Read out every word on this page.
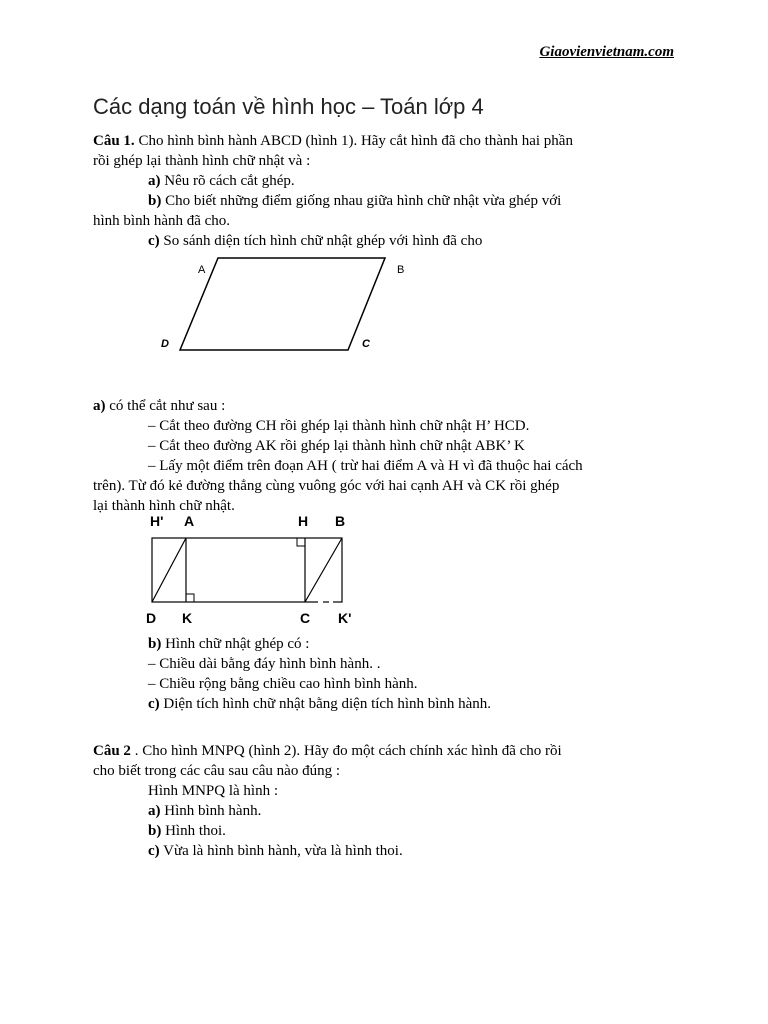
Giaovienvietnam.com
Các dạng toán về hình học – Toán lớp 4
Câu 1. Cho hình bình hành ABCD (hình 1). Hãy cắt hình đã cho thành hai phần
rồi ghép lại thành hình chữ nhật và :
a) Nêu rõ cách cắt ghép.
b) Cho biết những điểm giống nhau giữa hình chữ nhật vừa ghép với
hình bình hành đã cho.
c) So sánh diện tích hình chữ nhật ghép với hình đã cho
A	B
D	C
a) có thể cắt như sau :
– Cắt theo đường CH rồi ghép lại thành hình chữ nhật H’ HCD.
– Cắt theo đường AK rồi ghép lại thành hình chữ nhật ABK’ K
– Lấy một điểm trên đoạn AH ( trừ hai điểm A và H vì đã thuộc hai cách
trên). Từ đó kẻ đường thẳng cùng vuông góc với hai cạnh AH và CK rồi ghép
lại thành hình chữ nhật.
H' A	H B
D K	C K'
b) Hình chữ nhật ghép có :
– Chiều dài bằng đáy hình bình hành. .
– Chiều rộng bằng chiều cao hình bình hành.
c) Diện tích hình chữ nhật bằng diện tích hình bình hành.
Câu 2 . Cho hình MNPQ (hình 2). Hãy đo một cách chính xác hình đã cho rồi
cho biết trong các câu sau câu nào đúng :
Hình MNPQ là hình :
a) Hình bình hành.
b) Hình thoi.
c) Vừa là hình bình hành, vừa là hình thoi.
